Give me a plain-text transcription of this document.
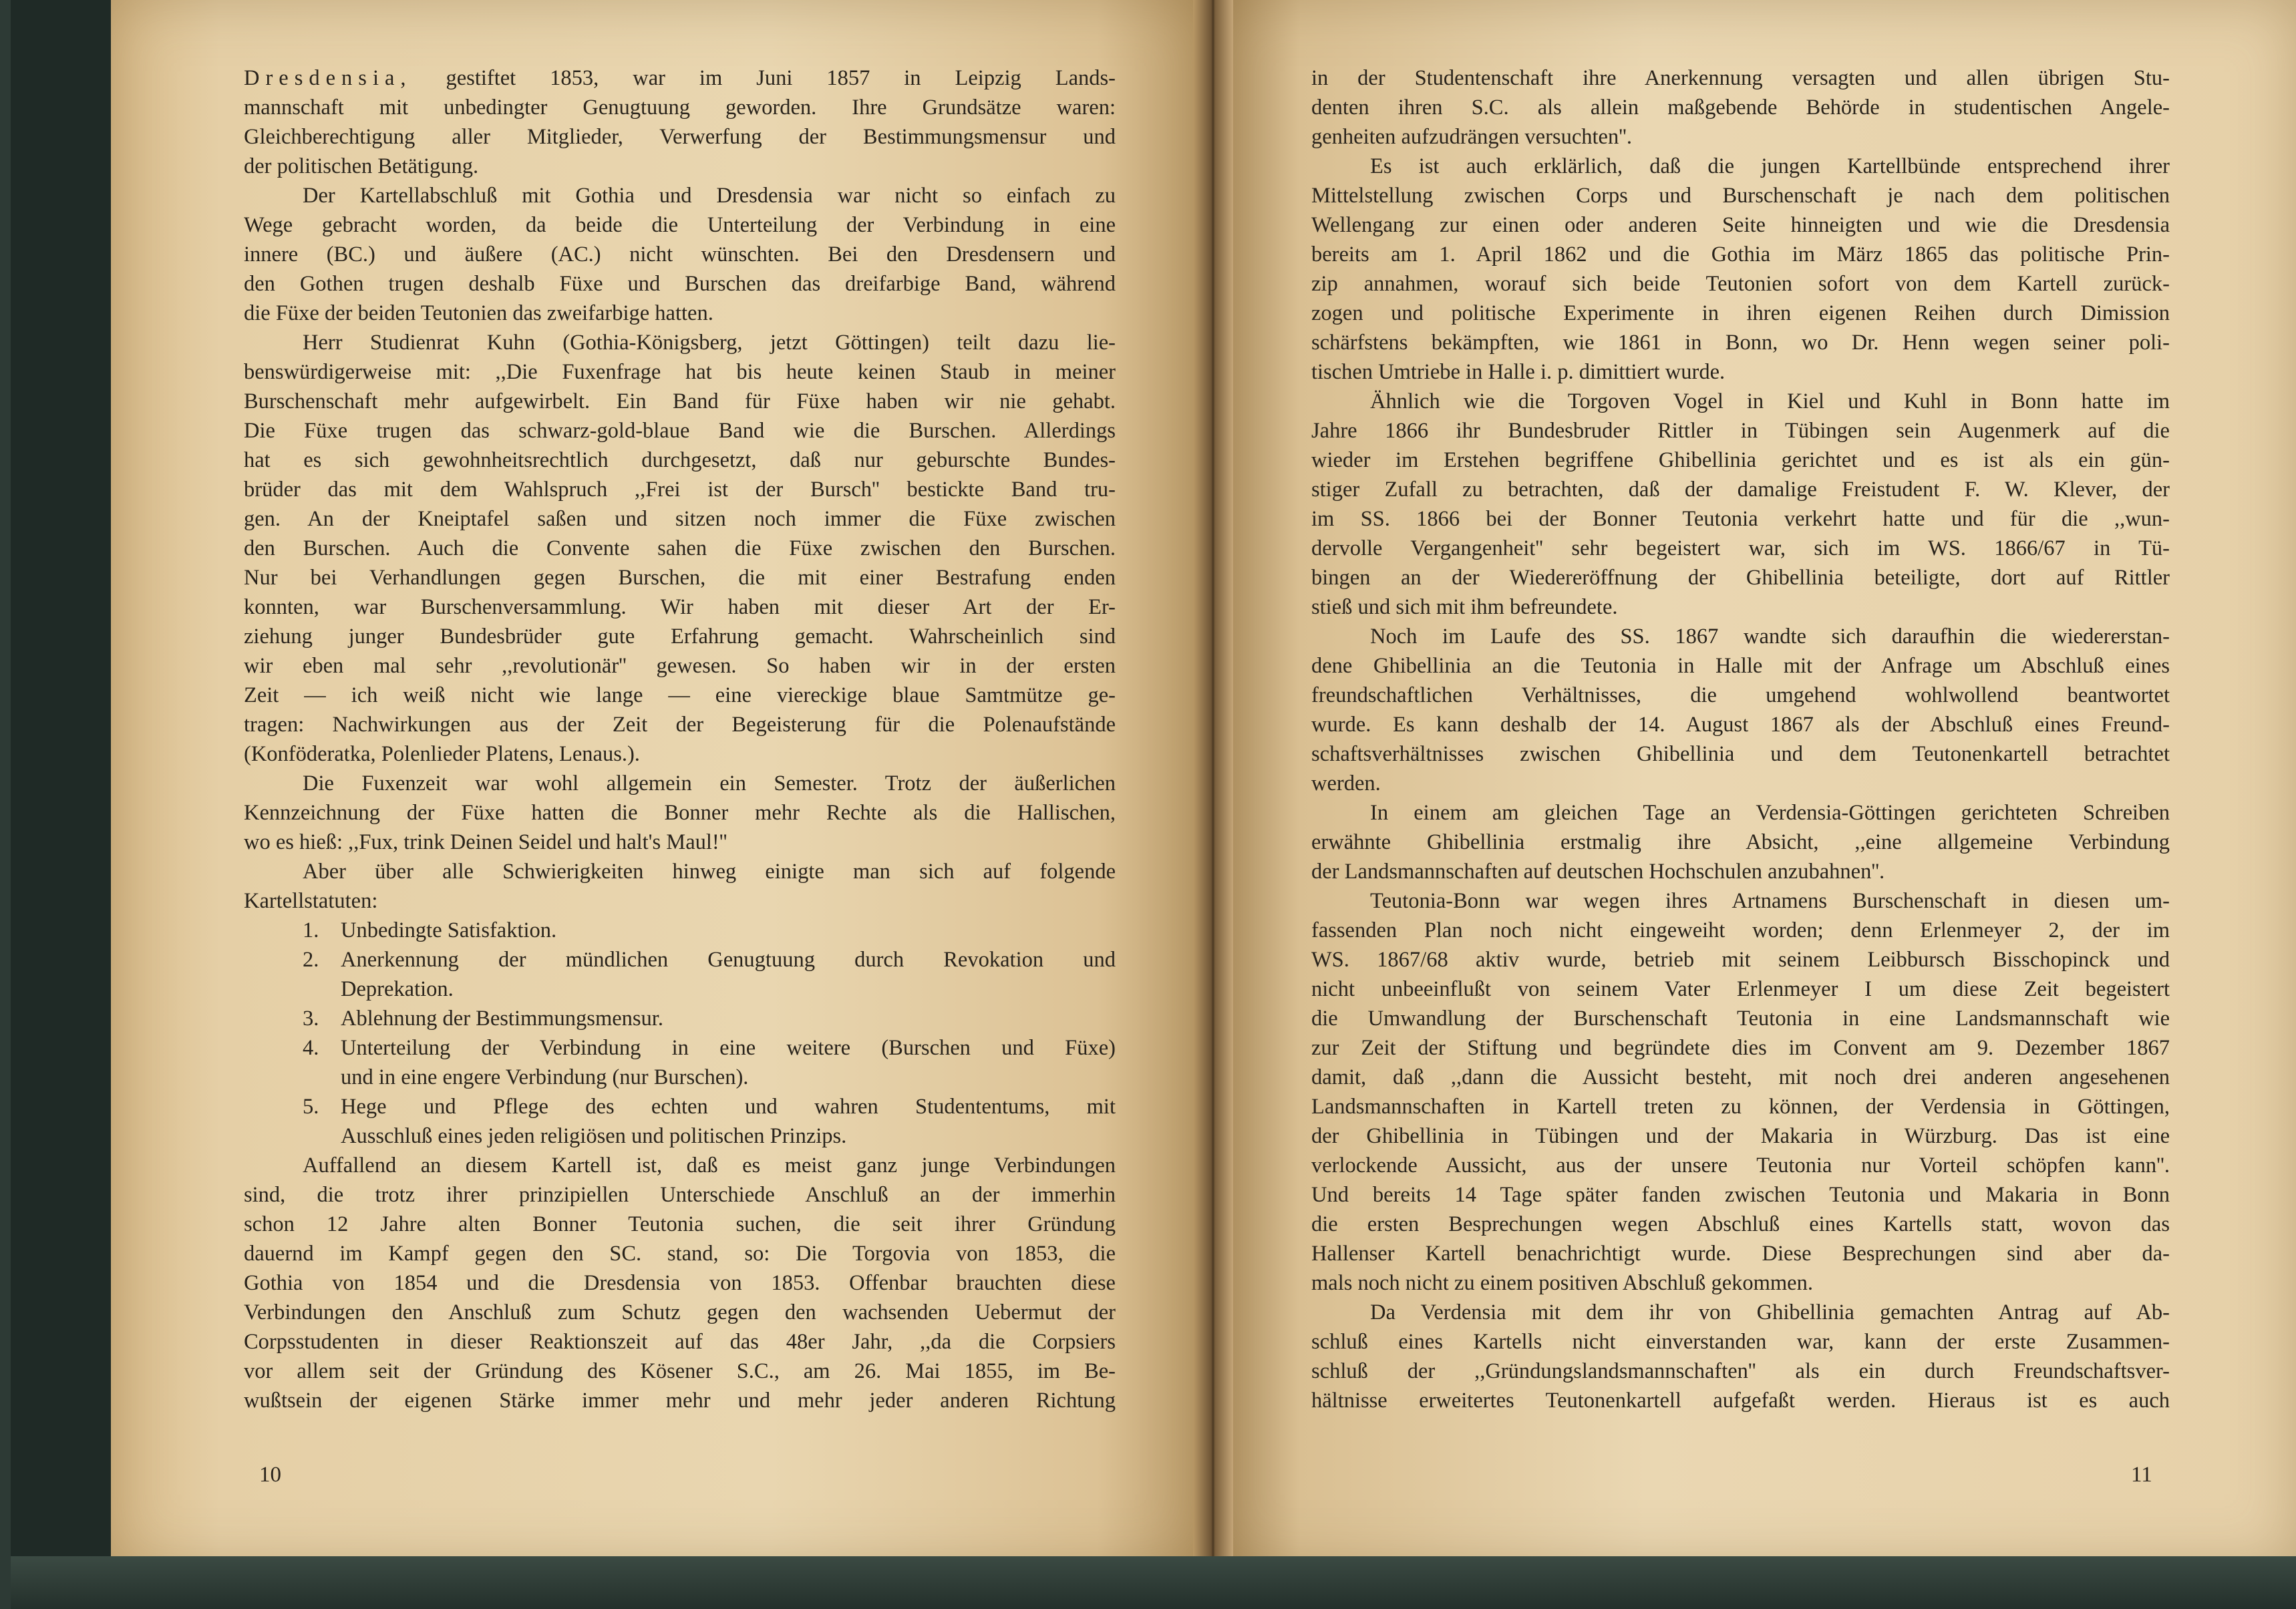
Dresdensia, gestiftet 1853, war im Juni 1857 in Leipzig Lands-
mannschaft mit unbedingter Genugtuung geworden. Ihre Grundsätze waren:
Gleichberechtigung aller Mitglieder, Verwerfung der Bestimmungsmensur und
der politischen Betätigung.
Der Kartellabschluß mit Gothia und Dresdensia war nicht so einfach zu
Wege gebracht worden, da beide die Unterteilung der Verbindung in eine
innere (BC.) und äußere (AC.) nicht wünschten. Bei den Dresdensern und
den Gothen trugen deshalb Füxe und Burschen das dreifarbige Band, während
die Füxe der beiden Teutonien das zweifarbige hatten.
Herr Studienrat Kuhn (Gothia-Königsberg, jetzt Göttingen) teilt dazu lie-
benswürdigerweise mit: ,,Die Fuxenfrage hat bis heute keinen Staub in meiner
Burschenschaft mehr aufgewirbelt. Ein Band für Füxe haben wir nie gehabt.
Die Füxe trugen das schwarz-gold-blaue Band wie die Burschen. Allerdings
hat es sich gewohnheitsrechtlich durchgesetzt, daß nur geburschte Bundes-
brüder das mit dem Wahlspruch ,,Frei ist der Bursch'' bestickte Band tru-
gen. An der Kneiptafel saßen und sitzen noch immer die Füxe zwischen
den Burschen. Auch die Convente sahen die Füxe zwischen den Burschen.
Nur bei Verhandlungen gegen Burschen, die mit einer Bestrafung enden
konnten, war Burschenversammlung. Wir haben mit dieser Art der Er-
ziehung junger Bundesbrüder gute Erfahrung gemacht. Wahrscheinlich sind
wir eben mal sehr ,,revolutionär'' gewesen. So haben wir in der ersten
Zeit — ich weiß nicht wie lange — eine viereckige blaue Samtmütze ge-
tragen: Nachwirkungen aus der Zeit der Begeisterung für die Polenaufstände
(Konföderatka, Polenlieder Platens, Lenaus.).
Die Fuxenzeit war wohl allgemein ein Semester. Trotz der äußerlichen
Kennzeichnung der Füxe hatten die Bonner mehr Rechte als die Hallischen,
wo es hieß: ,,Fux, trink Deinen Seidel und halt's Maul!''
Aber über alle Schwierigkeiten hinweg einigte man sich auf folgende
Kartellstatuten:
1.	Unbedingte Satisfaktion.
2.	Anerkennung der mündlichen Genugtuung durch Revokation und
Deprekation.
3.	Ablehnung der Bestimmungsmensur.
4.	Unterteilung der Verbindung in eine weitere (Burschen und Füxe)
und in eine engere Verbindung (nur Burschen).
5.	Hege und Pflege des echten und wahren Studententums, mit
Ausschluß eines jeden religiösen und politischen Prinzips.
Auffallend an diesem Kartell ist, daß es meist ganz junge Verbindungen
sind, die trotz ihrer prinzipiellen Unterschiede Anschluß an der immerhin
schon 12 Jahre alten Bonner Teutonia suchen, die seit ihrer Gründung
dauernd im Kampf gegen den SC. stand, so: Die Torgovia von 1853, die
Gothia von 1854 und die Dresdensia von 1853. Offenbar brauchten diese
Verbindungen den Anschluß zum Schutz gegen den wachsenden Uebermut der
Corpsstudenten in dieser Reaktionszeit auf das 48er Jahr, ,,da die Corpsiers
vor allem seit der Gründung des Kösener S.C., am 26. Mai 1855, im Be-
wußtsein der eigenen Stärke immer mehr und mehr jeder anderen Richtung
in der Studentenschaft ihre Anerkennung versagten und allen übrigen Stu-
denten ihren S.C. als allein maßgebende Behörde in studentischen Angele-
genheiten aufzudrängen versuchten''.
Es ist auch erklärlich, daß die jungen Kartellbünde entsprechend ihrer
Mittelstellung zwischen Corps und Burschenschaft je nach dem politischen
Wellengang zur einen oder anderen Seite hinneigten und wie die Dresdensia
bereits am 1. April 1862 und die Gothia im März 1865 das politische Prin-
zip annahmen, worauf sich beide Teutonien sofort von dem Kartell zurück-
zogen und politische Experimente in ihren eigenen Reihen durch Dimission
schärfstens bekämpften, wie 1861 in Bonn, wo Dr. Henn wegen seiner poli-
tischen Umtriebe in Halle i. p. dimittiert wurde.
Ähnlich wie die Torgoven Vogel in Kiel und Kuhl in Bonn hatte im
Jahre 1866 ihr Bundesbruder Rittler in Tübingen sein Augenmerk auf die
wieder im Erstehen begriffene Ghibellinia gerichtet und es ist als ein gün-
stiger Zufall zu betrachten, daß der damalige Freistudent F. W. Klever, der
im SS. 1866 bei der Bonner Teutonia verkehrt hatte und für die ,,wun-
dervolle Vergangenheit'' sehr begeistert war, sich im WS. 1866/67 in Tü-
bingen an der Wiedereröffnung der Ghibellinia beteiligte, dort auf Rittler
stieß und sich mit ihm befreundete.
Noch im Laufe des SS. 1867 wandte sich daraufhin die wiedererstan-
dene Ghibellinia an die Teutonia in Halle mit der Anfrage um Abschluß eines
freundschaftlichen Verhältnisses, die umgehend wohlwollend beantwortet
wurde. Es kann deshalb der 14. August 1867 als der Abschluß eines Freund-
schaftsverhältnisses zwischen Ghibellinia und dem Teutonenkartell betrachtet
werden.
In einem am gleichen Tage an Verdensia-Göttingen gerichteten Schreiben
erwähnte Ghibellinia erstmalig ihre Absicht, ,,eine allgemeine Verbindung
der Landsmannschaften auf deutschen Hochschulen anzubahnen''.
Teutonia-Bonn war wegen ihres Artnamens Burschenschaft in diesen um-
fassenden Plan noch nicht eingeweiht worden; denn Erlenmeyer 2, der im
WS. 1867/68 aktiv wurde, betrieb mit seinem Leibbursch Bisschopinck und
nicht unbeeinflußt von seinem Vater Erlenmeyer I um diese Zeit begeistert
die Umwandlung der Burschenschaft Teutonia in eine Landsmannschaft wie
zur Zeit der Stiftung und begründete dies im Convent am 9. Dezember 1867
damit, daß ,,dann die Aussicht besteht, mit noch drei anderen angesehenen
Landsmannschaften in Kartell treten zu können, der Verdensia in Göttingen,
der Ghibellinia in Tübingen und der Makaria in Würzburg. Das ist eine
verlockende Aussicht, aus der unsere Teutonia nur Vorteil schöpfen kann''.
Und bereits 14 Tage später fanden zwischen Teutonia und Makaria in Bonn
die ersten Besprechungen wegen Abschluß eines Kartells statt, wovon das
Hallenser Kartell benachrichtigt wurde. Diese Besprechungen sind aber da-
mals noch nicht zu einem positiven Abschluß gekommen.
Da Verdensia mit dem ihr von Ghibellinia gemachten Antrag auf Ab-
schluß eines Kartells nicht einverstanden war, kann der erste Zusammen-
schluß der ,,Gründungslandsmannschaften'' als ein durch Freundschaftsver-
hältnisse erweitertes Teutonenkartell aufgefaßt werden. Hieraus ist es auch
10	11
